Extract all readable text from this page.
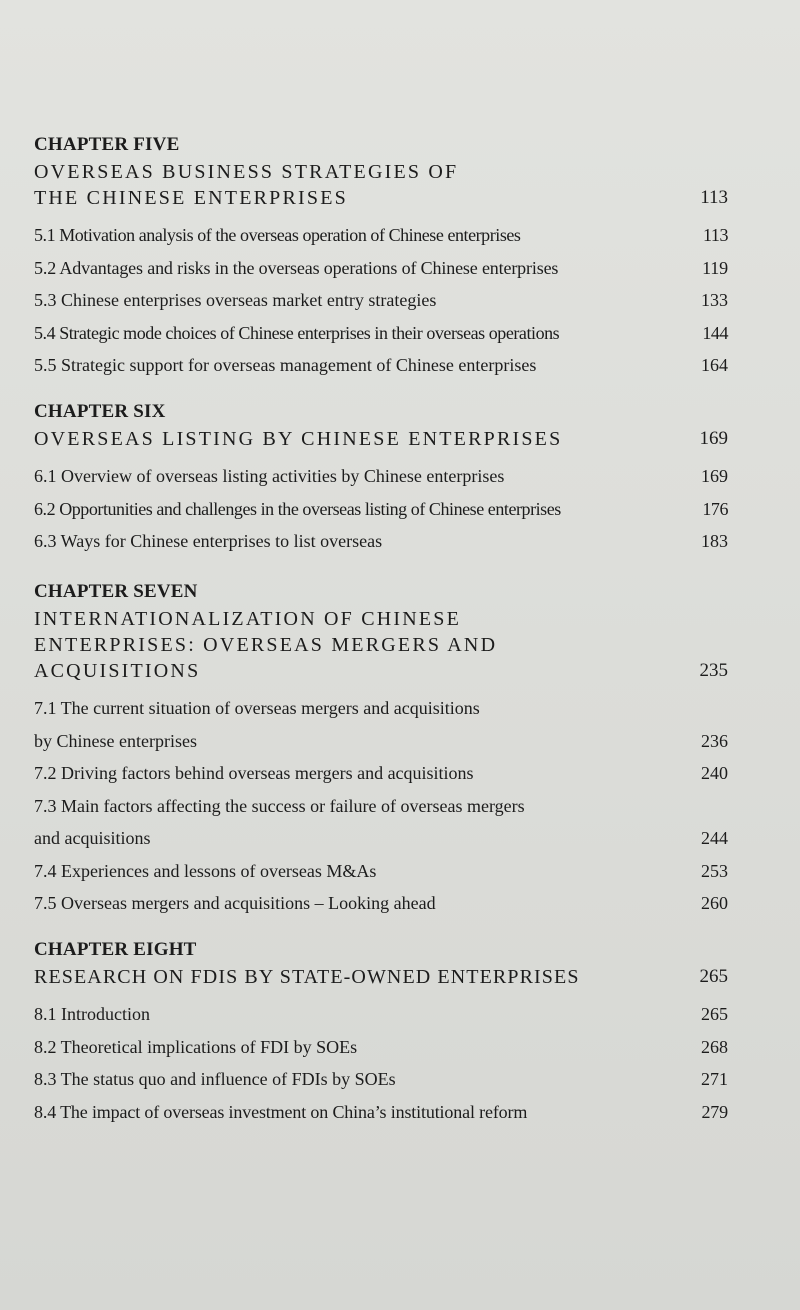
CHAPTER FIVE
OVERSEAS BUSINESS STRATEGIES OF
THE CHINESE ENTERPRISES	113
5.1 Motivation analysis of the overseas operation of Chinese enterprises	113
5.2 Advantages and risks in the overseas operations of Chinese enterprises	119
5.3 Chinese enterprises overseas market entry strategies	133
5.4 Strategic mode choices of Chinese enterprises in their overseas operations	144
5.5 Strategic support for overseas management of Chinese enterprises	164
CHAPTER SIX
OVERSEAS LISTING BY CHINESE ENTERPRISES	169
6.1 Overview of overseas listing activities by Chinese enterprises	169
6.2 Opportunities and challenges in the overseas listing of Chinese enterprises	176
6.3 Ways for Chinese enterprises to list overseas	183
CHAPTER SEVEN
INTERNATIONALIZATION OF CHINESE
ENTERPRISES: OVERSEAS MERGERS AND
ACQUISITIONS	235
7.1 The current situation of overseas mergers and acquisitions
by Chinese enterprises	236
7.2 Driving factors behind overseas mergers and acquisitions	240
7.3 Main factors affecting the success or failure of overseas mergers
and acquisitions	244
7.4 Experiences and lessons of overseas M&As	253
7.5 Overseas mergers and acquisitions – Looking ahead	260
CHAPTER EIGHT
RESEARCH ON FDIS BY STATE-OWNED ENTERPRISES	265
8.1 Introduction	265
8.2 Theoretical implications of FDI by SOEs	268
8.3 The status quo and influence of FDIs by SOEs	271
8.4 The impact of overseas investment on China’s institutional reform	279
